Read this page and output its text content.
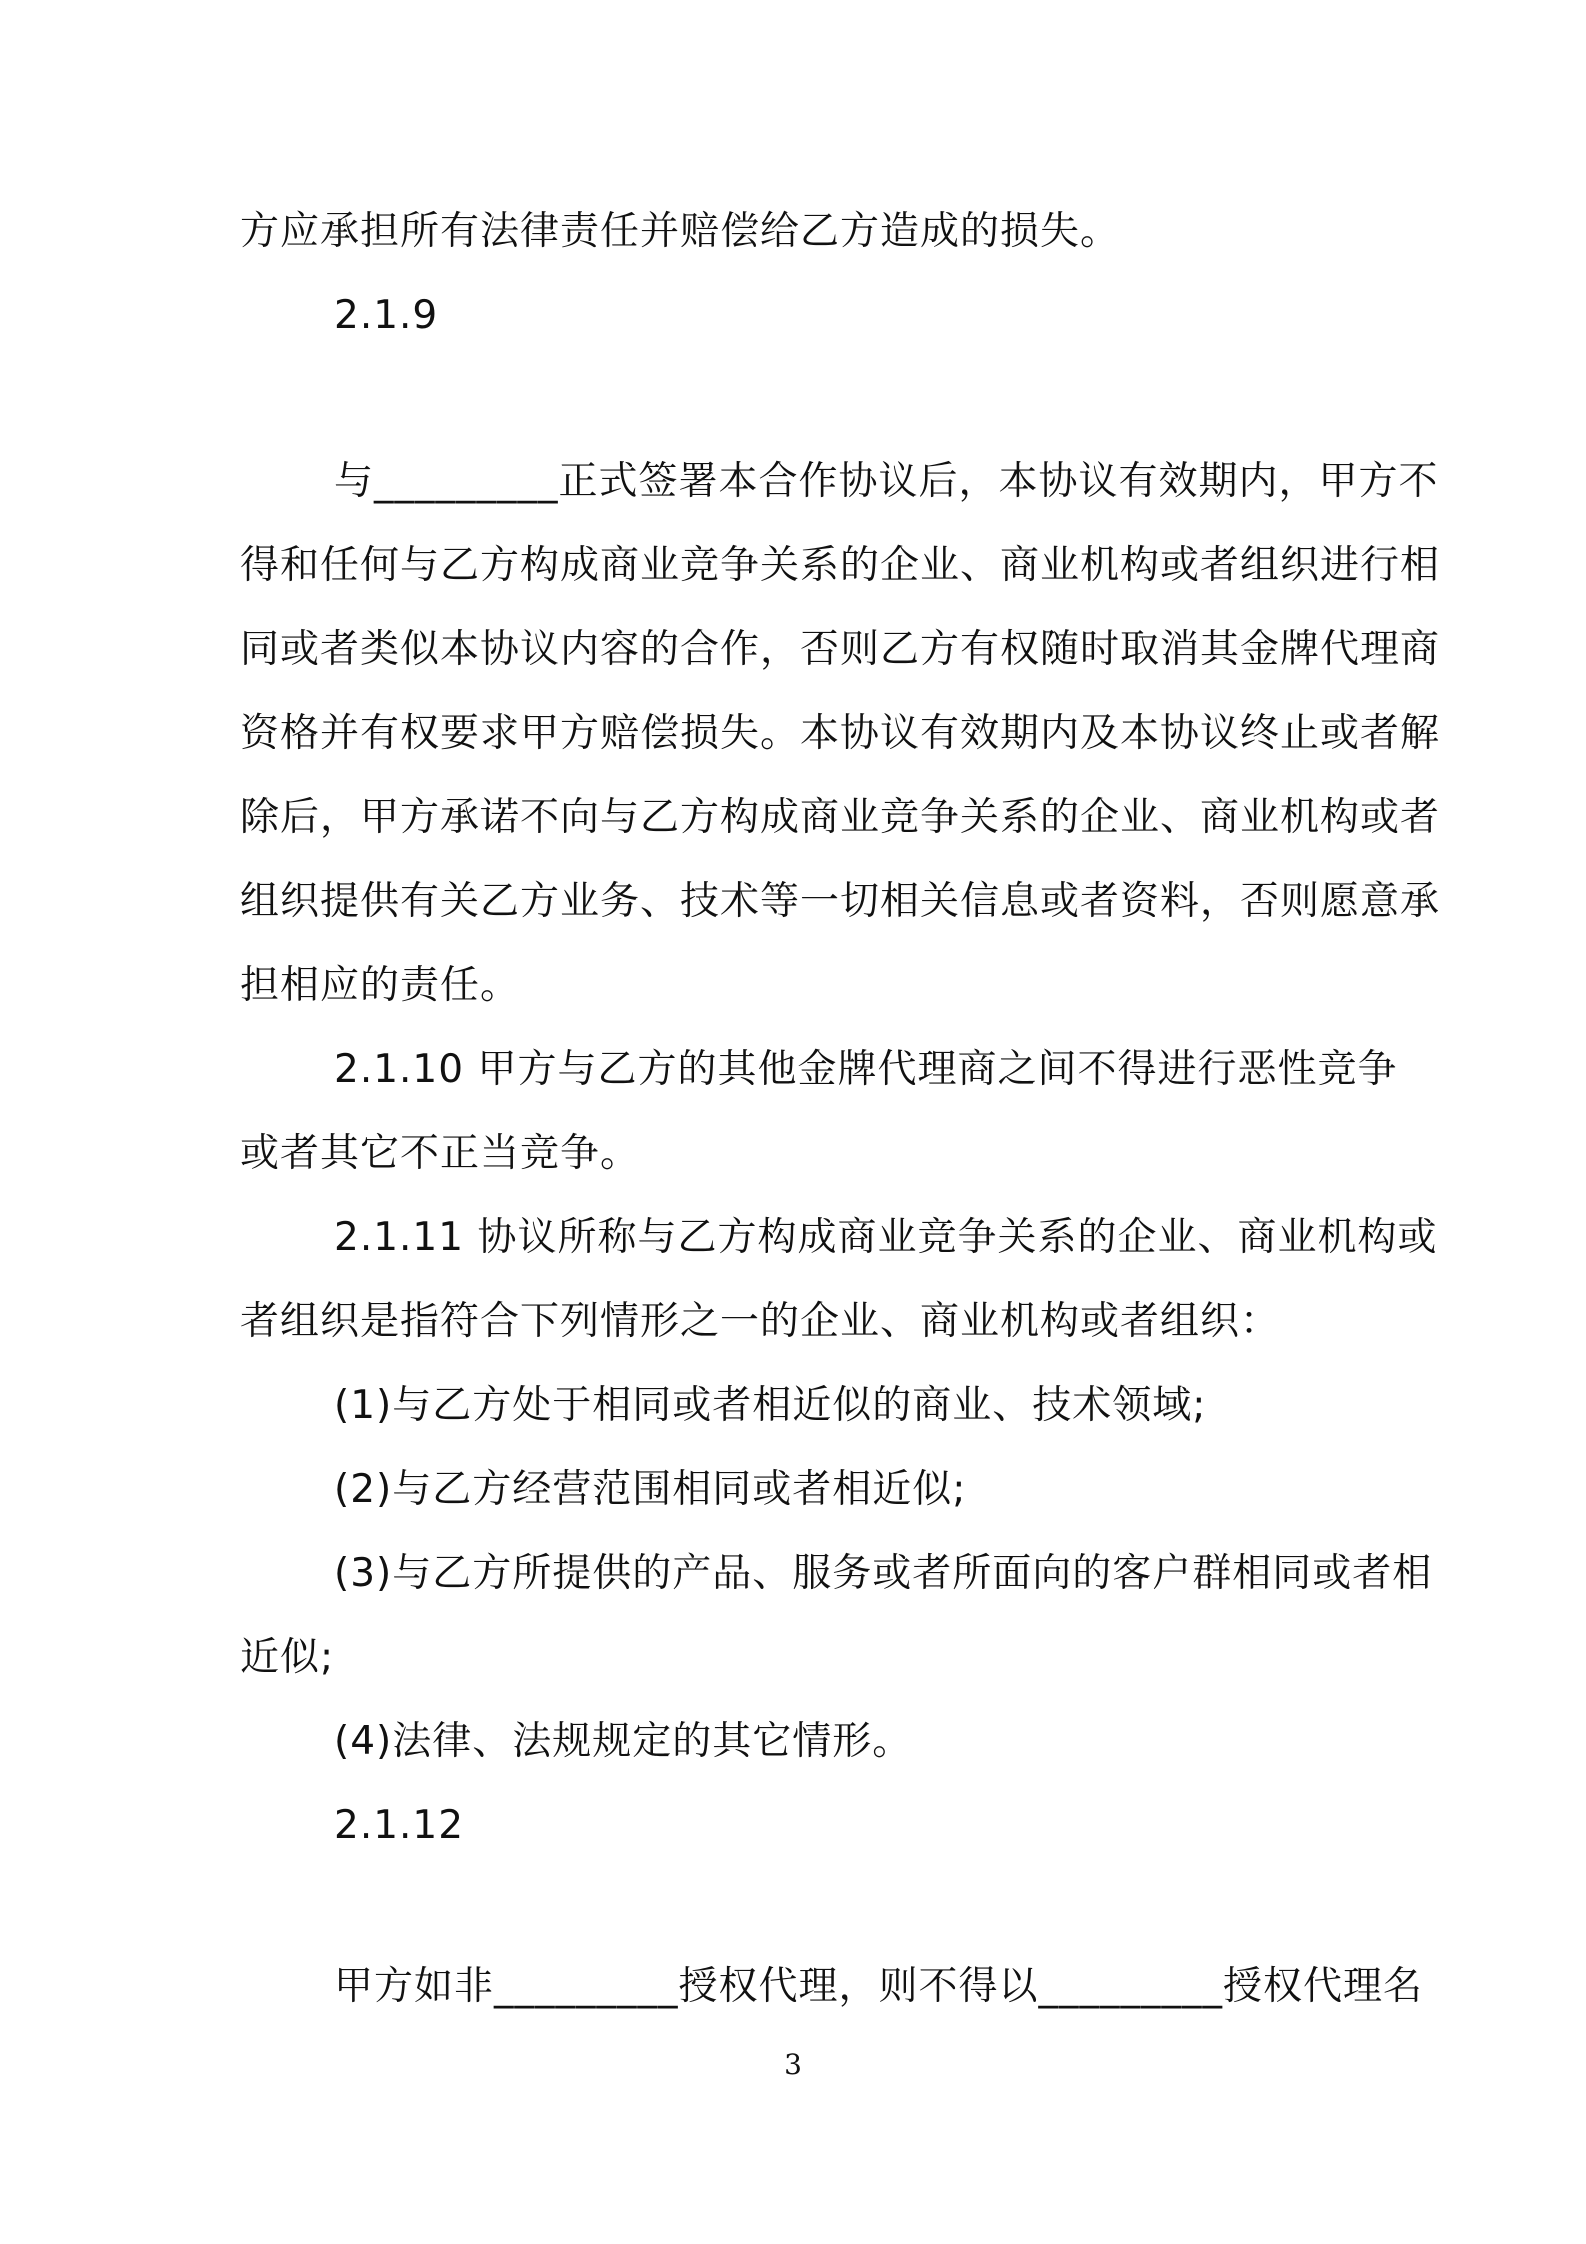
方应承担所有法律责任并赔偿给乙方造成的损失。
2.1.9
与_________正式签署本合作协议后，本协议有效期内，甲方不
得和任何与乙方构成商业竞争关系的企业、商业机构或者组织进行相
同或者类似本协议内容的合作，否则乙方有权随时取消其金牌代理商
资格并有权要求甲方赔偿损失。本协议有效期内及本协议终止或者解
除后，甲方承诺不向与乙方构成商业竞争关系的企业、商业机构或者
组织提供有关乙方业务、技术等一切相关信息或者资料，否则愿意承
担相应的责任。
2.1.10 甲方与乙方的其他金牌代理商之间不得进行恶性竞争
或者其它不正当竞争。
2.1.11 协议所称与乙方构成商业竞争关系的企业、商业机构或
者组织是指符合下列情形之一的企业、商业机构或者组织：
(1)与乙方处于相同或者相近似的商业、技术领域;
(2)与乙方经营范围相同或者相近似;
(3)与乙方所提供的产品、服务或者所面向的客户群相同或者相
近似;
(4)法律、法规规定的其它情形。
2.1.12
甲方如非_________授权代理，则不得以_________授权代理名
3
